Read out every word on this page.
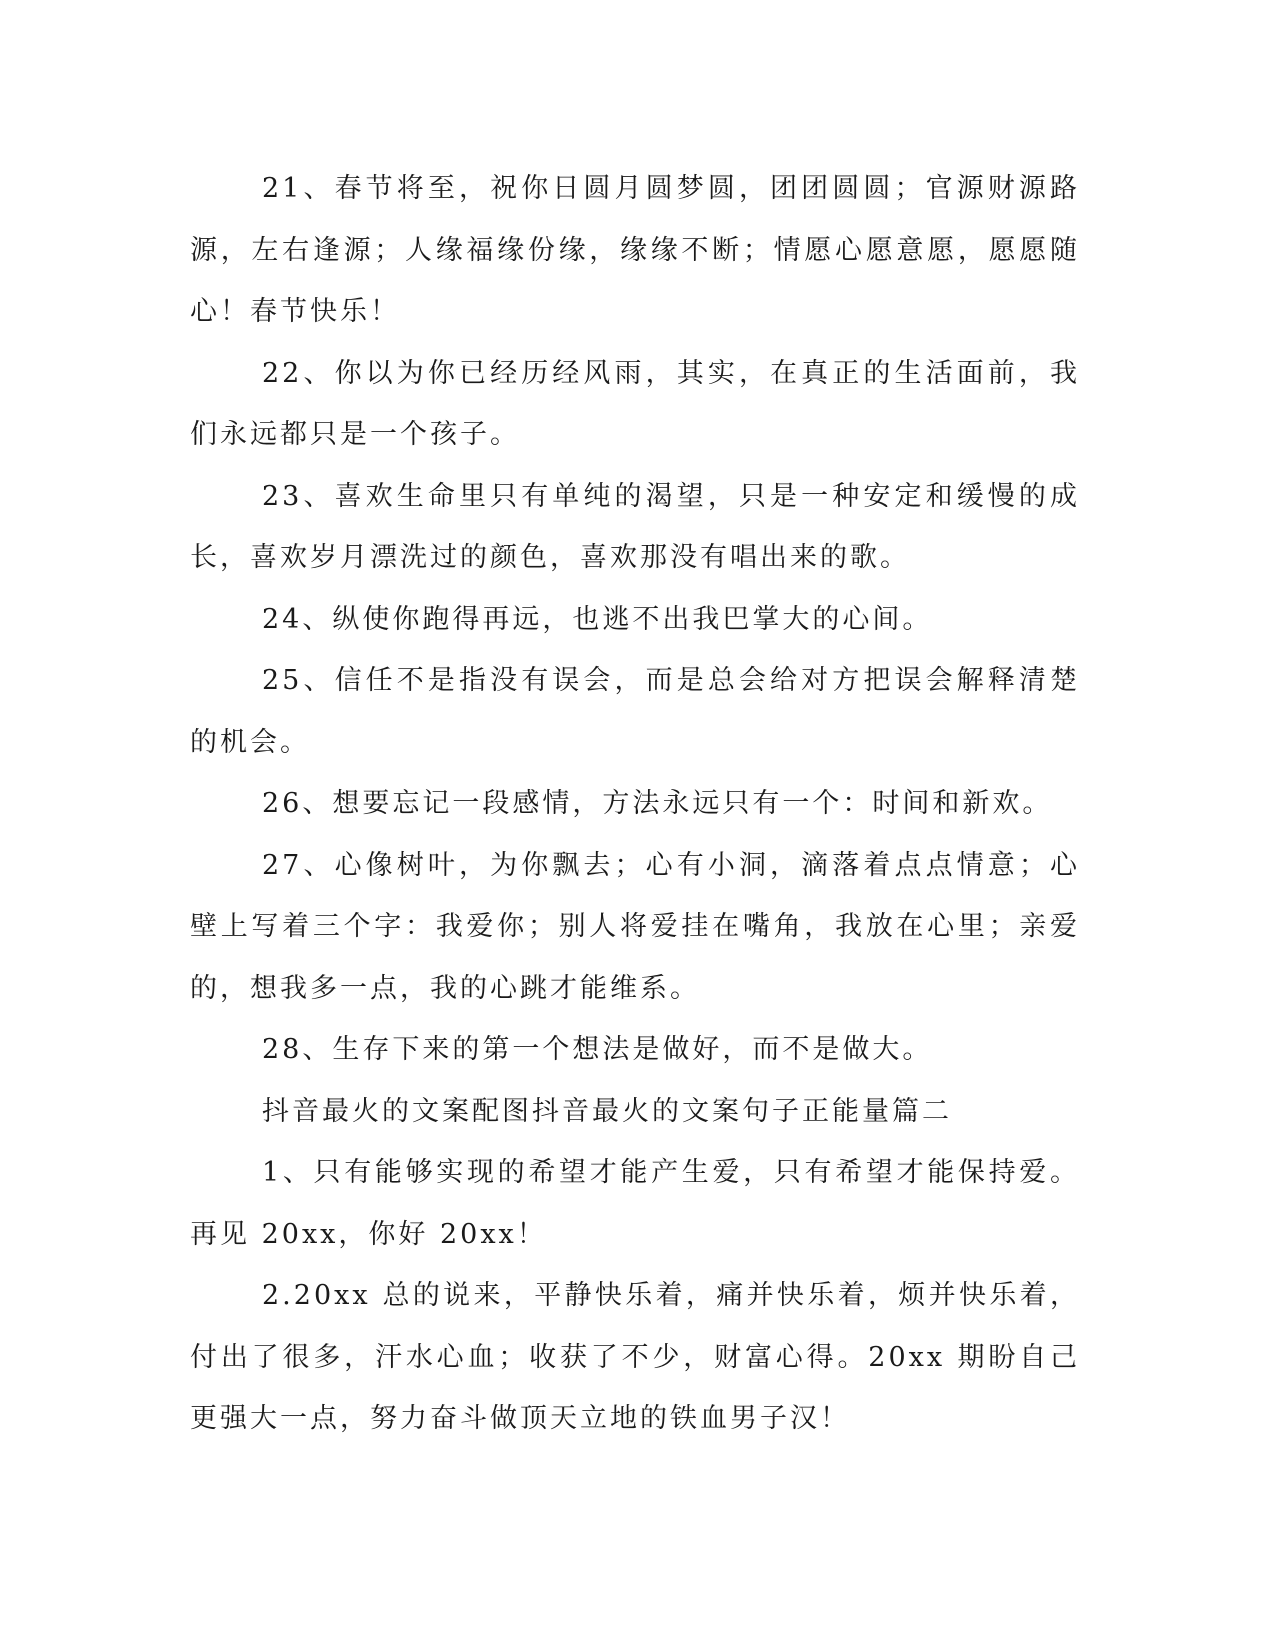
21、春节将至，祝你日圆月圆梦圆，团团圆圆；官源财源路源，左右逢源；人缘福缘份缘，缘缘不断；情愿心愿意愿，愿愿随心！春节快乐！

22、你以为你已经历经风雨，其实，在真正的生活面前，我们永远都只是一个孩子。

23、喜欢生命里只有单纯的渴望，只是一种安定和缓慢的成长，喜欢岁月漂洗过的颜色，喜欢那没有唱出来的歌。

24、纵使你跑得再远，也逃不出我巴掌大的心间。

25、信任不是指没有误会，而是总会给对方把误会解释清楚的机会。

26、想要忘记一段感情，方法永远只有一个：时间和新欢。

27、心像树叶，为你飘去；心有小洞，滴落着点点情意；心壁上写着三个字：我爱你；别人将爱挂在嘴角，我放在心里；亲爱的，想我多一点，我的心跳才能维系。

28、生存下来的第一个想法是做好，而不是做大。

抖音最火的文案配图抖音最火的文案句子正能量篇二

1、只有能够实现的希望才能产生爱，只有希望才能保持爱。再见 20xx，你好 20xx！

2.20xx 总的说来，平静快乐着，痛并快乐着，烦并快乐着，付出了很多，汗水心血；收获了不少，财富心得。20xx 期盼自己更强大一点，努力奋斗做顶天立地的铁血男子汉！
